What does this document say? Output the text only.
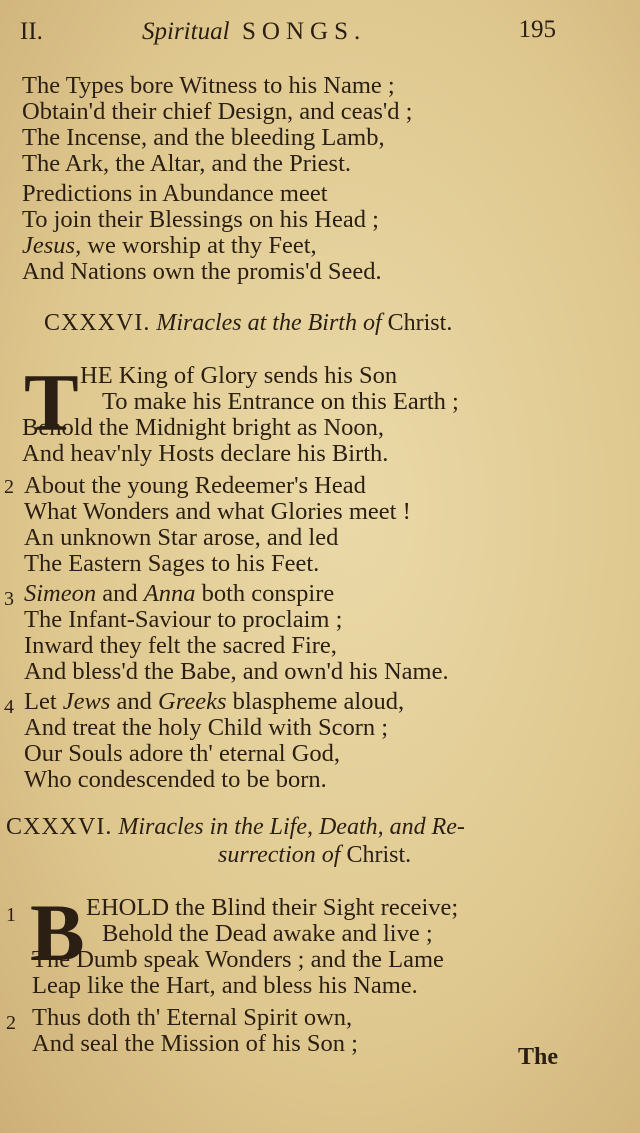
II.	Spiritual SONGS.	195
The Types bore Witness to his Name ;
Obtain'd their chief Design, and ceas'd ;
The Incense, and the bleeding Lamb,
The Ark, the Altar, and the Priest.
Predictions in Abundance meet
To join their Blessings on his Head ;
Jesus, we worship at thy Feet,
And Nations own the promis'd Seed.
CXXXVI. Miracles at the Birth of Christ.
T HE King of Glory sends his Son
To make his Entrance on this Earth ;
Behold the Midnight bright as Noon,
And heav'nly Hosts declare his Birth.
2 About the young Redeemer's Head
What Wonders and what Glories meet !
An unknown Star arose, and led
The Eastern Sages to his Feet.
3 Simeon and Anna both conspire
The Infant-Saviour to proclaim ;
Inward they felt the sacred Fire,
And bless'd the Babe, and own'd his Name.
4 Let Jews and Greeks blaspheme aloud,
And treat the holy Child with Scorn ;
Our Souls adore th' eternal God,
Who condescended to be born.
CXXXVI. Miracles in the Life, Death, and Re-
surrection of Christ.
1 B EHOLD the Blind their Sight receive;
Behold the Dead awake and live ;
The Dumb speak Wonders ; and the Lame
Leap like the Hart, and bless his Name.
2 Thus doth th' Eternal Spirit own,
And seal the Mission of his Son ;	The
